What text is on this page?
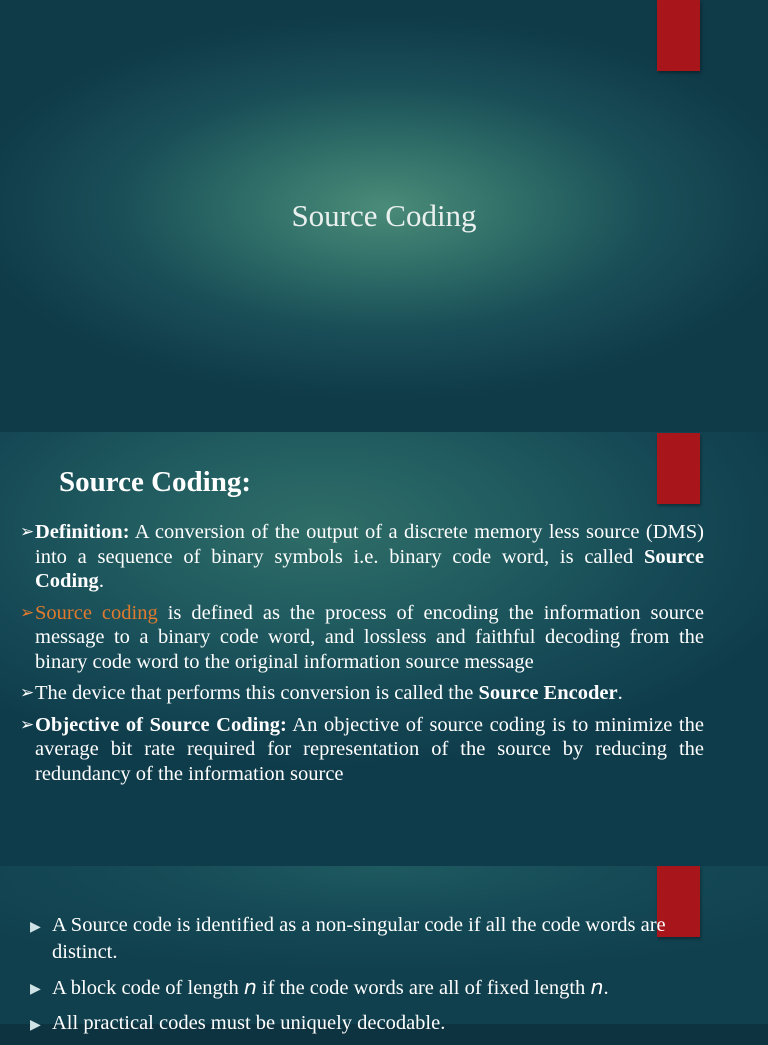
Source Coding
Source Coding:
➢ Definition: A conversion of the output of a discrete memory less source (DMS) into a sequence of binary symbols i.e. binary code word, is called Source Coding.
➢ Source coding is defined as the process of encoding the information source message to a binary code word, and lossless and faithful decoding from the binary code word to the original information source message
➢ The device that performs this conversion is called the Source Encoder.
➢ Objective of Source Coding: An objective of source coding is to minimize the average bit rate required for representation of the source by reducing the redundancy of the information source
▶ A Source code is identified as a non-singular code if all the code words are distinct.
▶ A block code of length n if the code words are all of fixed length n.
▶ All practical codes must be uniquely decodable.
